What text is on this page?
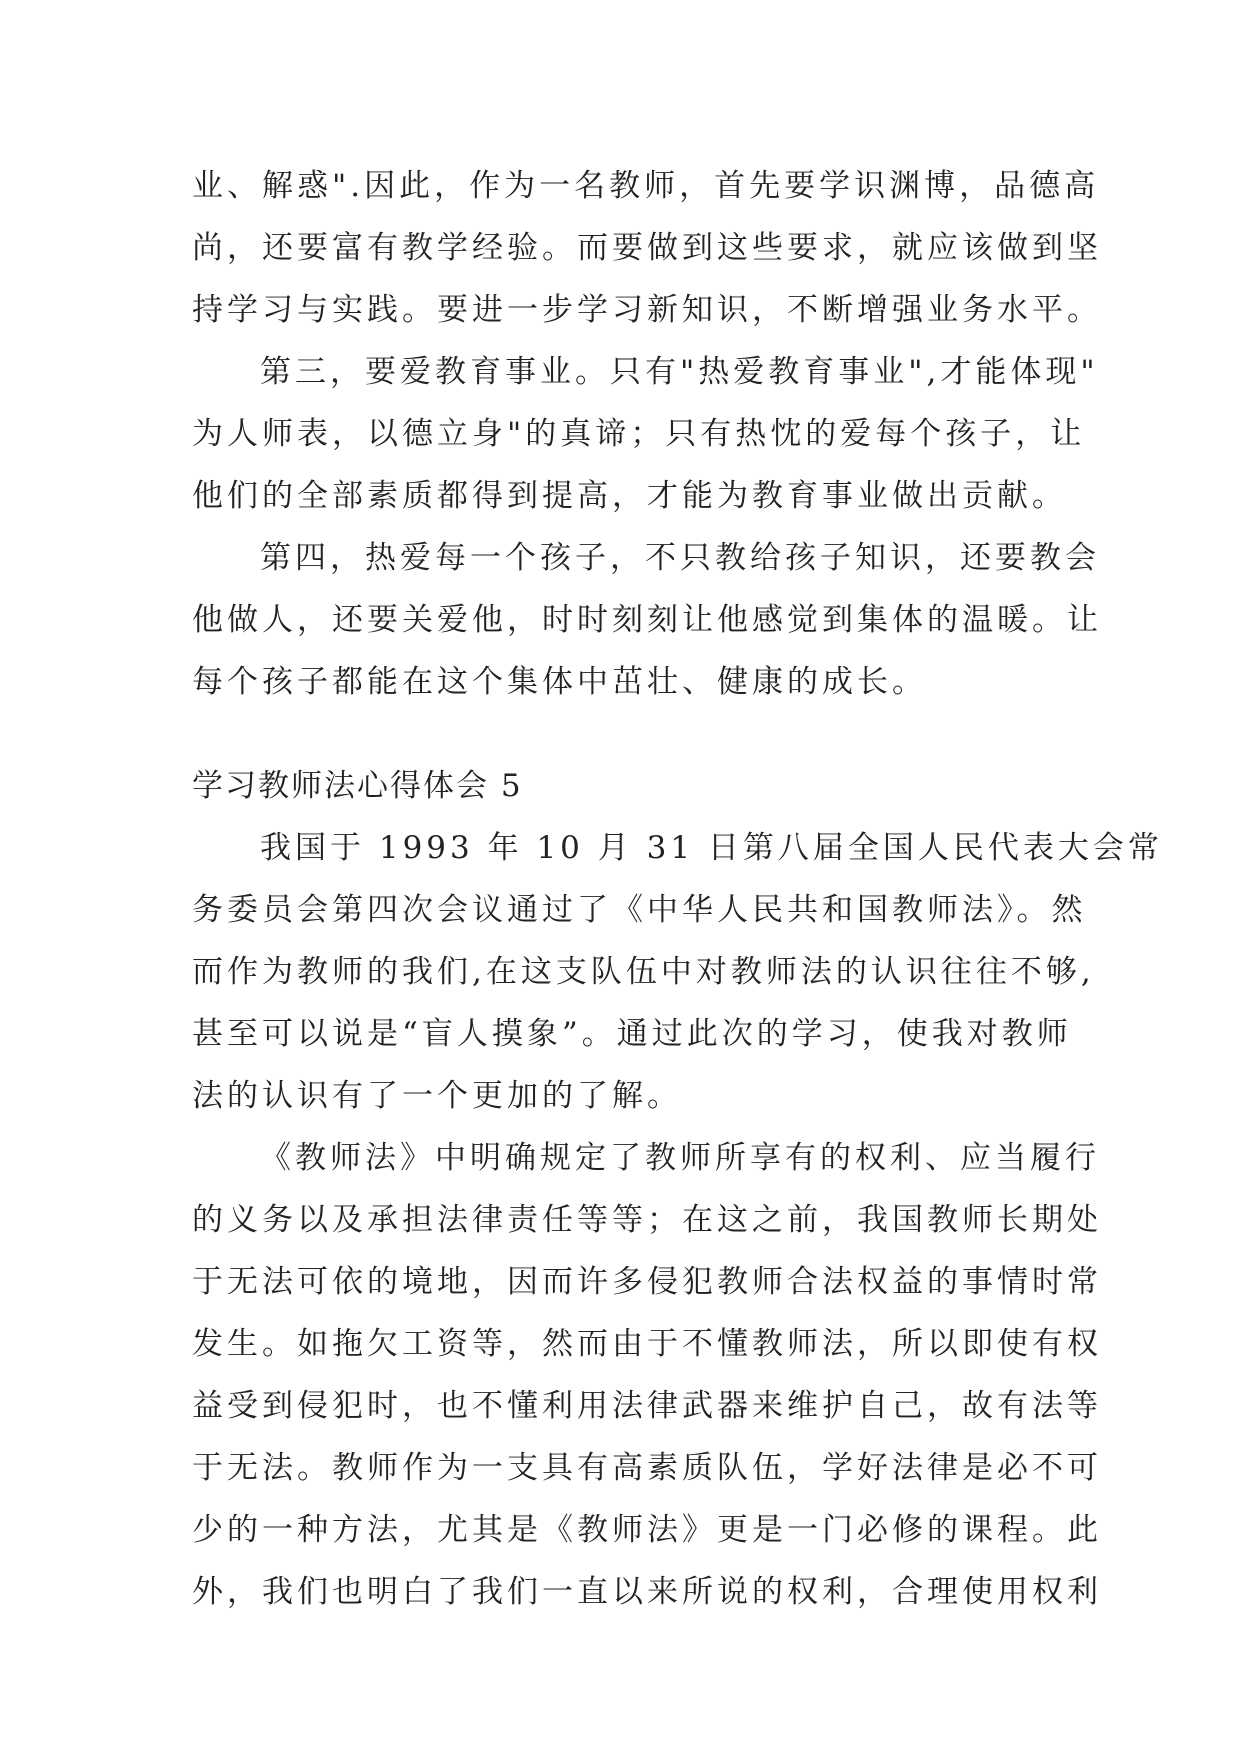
业、解惑".因此，作为一名教师，首先要学识渊博，品德高
尚，还要富有教学经验。而要做到这些要求，就应该做到坚
持学习与实践。要进一步学习新知识，不断增强业务水平。
第三，要爱教育事业。只有"热爱教育事业",才能体现"
为人师表，以德立身"的真谛；只有热忱的爱每个孩子，让
他们的全部素质都得到提高，才能为教育事业做出贡献。
第四，热爱每一个孩子，不只教给孩子知识，还要教会
他做人，还要关爱他，时时刻刻让他感觉到集体的温暖。让
每个孩子都能在这个集体中茁壮、健康的成长。
学习教师法心得体会 5
我国于 1993 年 10 月 31 日第八届全国人民代表大会常
务委员会第四次会议通过了《中华人民共和国教师法》。然
而作为教师的我们,在这支队伍中对教师法的认识往往不够,
甚至可以说是“盲人摸象”。通过此次的学习，使我对教师
法的认识有了一个更加的了解。
《教师法》中明确规定了教师所享有的权利、应当履行
的义务以及承担法律责任等等；在这之前，我国教师长期处
于无法可依的境地，因而许多侵犯教师合法权益的事情时常
发生。如拖欠工资等，然而由于不懂教师法，所以即使有权
益受到侵犯时，也不懂利用法律武器来维护自己，故有法等
于无法。教师作为一支具有高素质队伍，学好法律是必不可
少的一种方法，尤其是《教师法》更是一门必修的课程。此
外，我们也明白了我们一直以来所说的权利，合理使用权利
